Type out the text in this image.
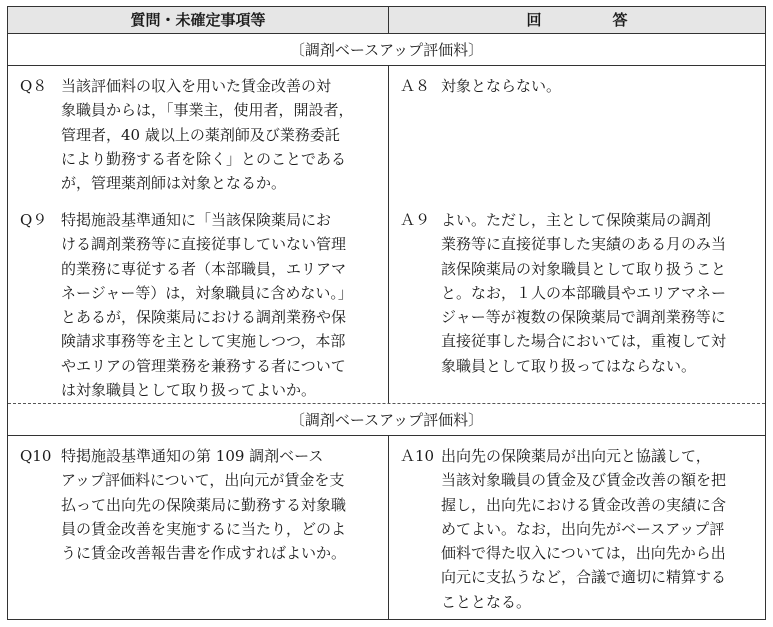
質問・未確定事項等	回　答
〔調剤ベースアップ評価料〕
Q８ 当該評価料の収入を用いた賃金改善の対
象職員からは，「事業主，使用者，開設者，
管理者，40 歳以上の薬剤師及び業務委託
により勤務する者を除く」とのことである
が，管理薬剤師は対象となるか。
Ａ８ 対象とならない。
Q９ 特掲施設基準通知に「当該保険薬局にお
ける調剤業務等に直接従事していない管理
的業務に専従する者（本部職員，エリアマ
ネージャー等）は，対象職員に含めない。」
とあるが，保険薬局における調剤業務や保
険請求事務等を主として実施しつつ，本部
やエリアの管理業務を兼務する者について
は対象職員として取り扱ってよいか。
Ａ９ よい。ただし，主として保険薬局の調剤
業務等に直接従事した実績のある月のみ当
該保険薬局の対象職員として取り扱うこと
と。なお，１人の本部職員やエリアマネー
ジャー等が複数の保険薬局で調剤業務等に
直接従事した場合においては，重複して対
象職員として取り扱ってはならない。
〔調剤ベースアップ評価料〕
Q10 特掲施設基準通知の第 109 調剤ベース
アップ評価料について，出向元が賃金を支
払って出向先の保険薬局に勤務する対象職
員の賃金改善を実施するに当たり，どのよ
うに賃金改善報告書を作成すればよいか。
Ａ10 出向先の保険薬局が出向元と協議して，
当該対象職員の賃金及び賃金改善の額を把
握し，出向先における賃金改善の実績に含
めてよい。なお，出向先がベースアップ評
価料で得た収入については，出向先から出
向元に支払うなど，合議で適切に精算する
こととなる。
